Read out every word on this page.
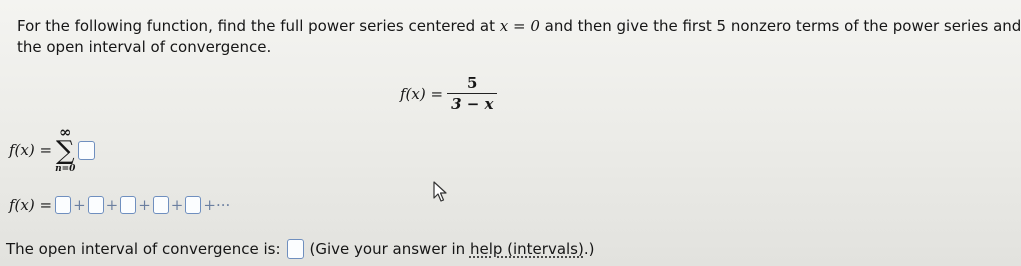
For the following function, find the full power series centered at x = 0 and then give the first 5 nonzero terms of the power series and
the open interval of convergence.
$f(x) = \frac{5}{3 - x}$
f(x) =
∞
∑
n=0
f(x) = + + + + +···
The open interval of convergence is: (Give your answer in help (intervals).)
